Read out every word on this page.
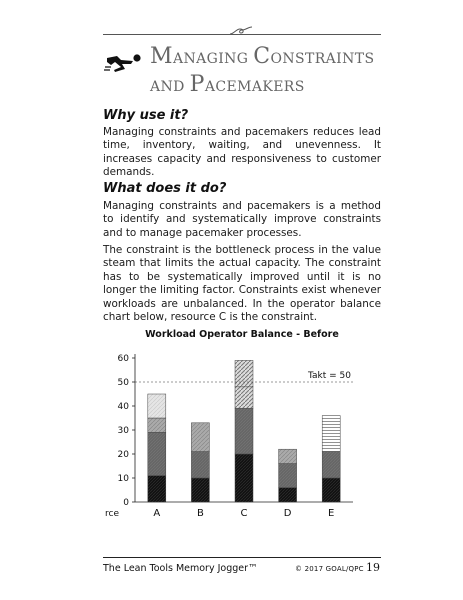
MANAGING CONSTRAINTS
AND PACEMAKERS
Why use it?

Managing constraints and pacemakers reduces lead time, inventory, waiting, and unevenness. It increases capacity and responsiveness to customer demands.

What does it do?

Managing constraints and pacemakers is a method to identify and systematically improve constraints and to manage pacemaker processes.

The constraint is the bottleneck process in the value steam that limits the actual capacity. The constraint has to be systematically improved until it is no longer the limiting factor. Constraints exist whenever workloads are unbalanced. In the operator balance chart below, resource C is the constraint.

Workload Operator Balance - Before
0
10
20
30
40
50
60
A	B	C	D	E
rce
Takt = 50
The Lean Tools Memory Jogger™	© 2017 GOAL/QPC 19
